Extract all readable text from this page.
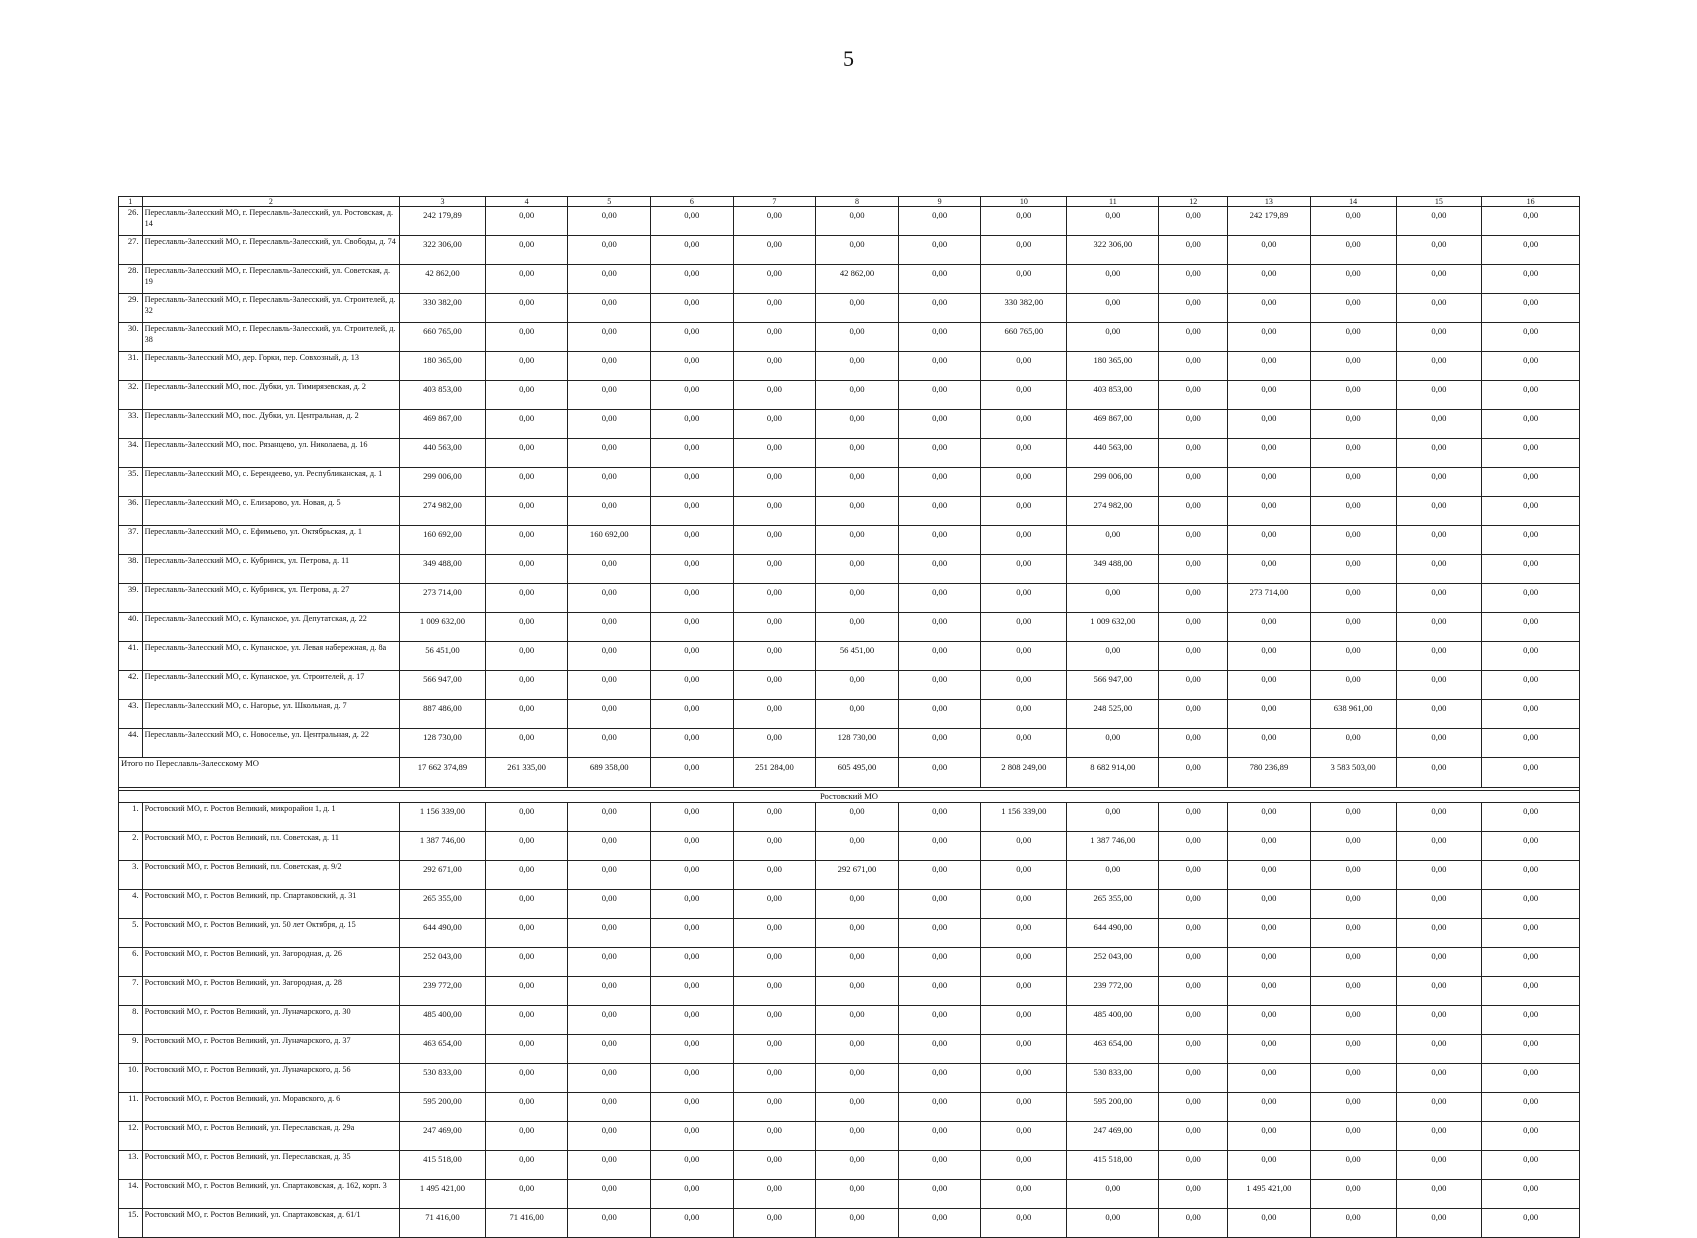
5
1	2	3	4	5	6	7	8	9	10	11	12	13	14	15	16
26.	Переславль-Залесский МО, г. Переславль-Залесский, ул. Ростовская, д. 14	242 179,89	0,00	0,00	0,00	0,00	0,00	0,00	0,00	0,00	0,00	242 179,89	0,00	0,00	0,00
27.	Переславль-Залесский МО, г. Переславль-Залесский, ул. Свободы, д. 74	322 306,00	0,00	0,00	0,00	0,00	0,00	0,00	0,00	322 306,00	0,00	0,00	0,00	0,00	0,00
28.	Переславль-Залесский МО, г. Переславль-Залесский, ул. Советская, д. 19	42 862,00	0,00	0,00	0,00	0,00	42 862,00	0,00	0,00	0,00	0,00	0,00	0,00	0,00	0,00
29.	Переславль-Залесский МО, г. Переславль-Залесский, ул. Строителей, д. 32	330 382,00	0,00	0,00	0,00	0,00	0,00	0,00	330 382,00	0,00	0,00	0,00	0,00	0,00	0,00
30.	Переславль-Залесский МО, г. Переславль-Залесский, ул. Строителей, д. 38	660 765,00	0,00	0,00	0,00	0,00	0,00	0,00	660 765,00	0,00	0,00	0,00	0,00	0,00	0,00
31.	Переславль-Залесский МО, дер. Горки, пер. Совхозный, д. 13	180 365,00	0,00	0,00	0,00	0,00	0,00	0,00	0,00	180 365,00	0,00	0,00	0,00	0,00	0,00
32.	Переславль-Залесский МО, пос. Дубки, ул. Тимирязевская, д. 2	403 853,00	0,00	0,00	0,00	0,00	0,00	0,00	0,00	403 853,00	0,00	0,00	0,00	0,00	0,00
33.	Переславль-Залесский МО, пос. Дубки, ул. Центральная, д. 2	469 867,00	0,00	0,00	0,00	0,00	0,00	0,00	0,00	469 867,00	0,00	0,00	0,00	0,00	0,00
34.	Переславль-Залесский МО, пос. Рязанцево, ул. Николаева, д. 16	440 563,00	0,00	0,00	0,00	0,00	0,00	0,00	0,00	440 563,00	0,00	0,00	0,00	0,00	0,00
35.	Переславль-Залесский МО, с. Берендеево, ул. Республиканская, д. 1	299 006,00	0,00	0,00	0,00	0,00	0,00	0,00	0,00	299 006,00	0,00	0,00	0,00	0,00	0,00
36.	Переславль-Залесский МО, с. Елизарово, ул. Новая, д. 5	274 982,00	0,00	0,00	0,00	0,00	0,00	0,00	0,00	274 982,00	0,00	0,00	0,00	0,00	0,00
37.	Переславль-Залесский МО, с. Ефимьево, ул. Октябрьская, д. 1	160 692,00	0,00	160 692,00	0,00	0,00	0,00	0,00	0,00	0,00	0,00	0,00	0,00	0,00	0,00
38.	Переславль-Залесский МО, с. Кубринск, ул. Петрова, д. 11	349 488,00	0,00	0,00	0,00	0,00	0,00	0,00	0,00	349 488,00	0,00	0,00	0,00	0,00	0,00
39.	Переславль-Залесский МО, с. Кубринск, ул. Петрова, д. 27	273 714,00	0,00	0,00	0,00	0,00	0,00	0,00	0,00	0,00	0,00	273 714,00	0,00	0,00	0,00
40.	Переславль-Залесский МО, с. Купанское, ул. Депутатская, д. 22	1 009 632,00	0,00	0,00	0,00	0,00	0,00	0,00	0,00	1 009 632,00	0,00	0,00	0,00	0,00	0,00
41.	Переславль-Залесский МО, с. Купанское, ул. Левая набережная, д. 8а	56 451,00	0,00	0,00	0,00	0,00	56 451,00	0,00	0,00	0,00	0,00	0,00	0,00	0,00	0,00
42.	Переславль-Залесский МО, с. Купанское, ул. Строителей, д. 17	566 947,00	0,00	0,00	0,00	0,00	0,00	0,00	0,00	566 947,00	0,00	0,00	0,00	0,00	0,00
43.	Переславль-Залесский МО, с. Нагорье, ул. Школьная, д. 7	887 486,00	0,00	0,00	0,00	0,00	0,00	0,00	0,00	248 525,00	0,00	0,00	638 961,00	0,00	0,00
44.	Переславль-Залесский МО, с. Новоселье, ул. Центральная, д. 22	128 730,00	0,00	0,00	0,00	0,00	128 730,00	0,00	0,00	0,00	0,00	0,00	0,00	0,00	0,00
Итого по Переславль-Залесскому МО		17 662 374,89	261 335,00	689 358,00	0,00	251 284,00	605 495,00	0,00	2 808 249,00	8 682 914,00	0,00	780 236,89	3 583 503,00	0,00	0,00

Ростовский МО															
1.	Ростовский МО, г. Ростов Великий, микрорайон 1, д. 1	1 156 339,00	0,00	0,00	0,00	0,00	0,00	0,00	1 156 339,00	0,00	0,00	0,00	0,00	0,00	0,00
2.	Ростовский МО, г. Ростов Великий, пл. Советская, д. 11	1 387 746,00	0,00	0,00	0,00	0,00	0,00	0,00	0,00	1 387 746,00	0,00	0,00	0,00	0,00	0,00
3.	Ростовский МО, г. Ростов Великий, пл. Советская, д. 9/2	292 671,00	0,00	0,00	0,00	0,00	292 671,00	0,00	0,00	0,00	0,00	0,00	0,00	0,00	0,00
4.	Ростовский МО, г. Ростов Великий, пр. Спартаковский, д. 31	265 355,00	0,00	0,00	0,00	0,00	0,00	0,00	0,00	265 355,00	0,00	0,00	0,00	0,00	0,00
5.	Ростовский МО, г. Ростов Великий, ул. 50 лет Октября, д. 15	644 490,00	0,00	0,00	0,00	0,00	0,00	0,00	0,00	644 490,00	0,00	0,00	0,00	0,00	0,00
6.	Ростовский МО, г. Ростов Великий, ул. Загородная, д. 26	252 043,00	0,00	0,00	0,00	0,00	0,00	0,00	0,00	252 043,00	0,00	0,00	0,00	0,00	0,00
7.	Ростовский МО, г. Ростов Великий, ул. Загородная, д. 28	239 772,00	0,00	0,00	0,00	0,00	0,00	0,00	0,00	239 772,00	0,00	0,00	0,00	0,00	0,00
8.	Ростовский МО, г. Ростов Великий, ул. Луначарского, д. 30	485 400,00	0,00	0,00	0,00	0,00	0,00	0,00	0,00	485 400,00	0,00	0,00	0,00	0,00	0,00
9.	Ростовский МО, г. Ростов Великий, ул. Луначарского, д. 37	463 654,00	0,00	0,00	0,00	0,00	0,00	0,00	0,00	463 654,00	0,00	0,00	0,00	0,00	0,00
10.	Ростовский МО, г. Ростов Великий, ул. Луначарского, д. 56	530 833,00	0,00	0,00	0,00	0,00	0,00	0,00	0,00	530 833,00	0,00	0,00	0,00	0,00	0,00
11.	Ростовский МО, г. Ростов Великий, ул. Моравского, д. 6	595 200,00	0,00	0,00	0,00	0,00	0,00	0,00	0,00	595 200,00	0,00	0,00	0,00	0,00	0,00
12.	Ростовский МО, г. Ростов Великий, ул. Переславская, д. 29а	247 469,00	0,00	0,00	0,00	0,00	0,00	0,00	0,00	247 469,00	0,00	0,00	0,00	0,00	0,00
13.	Ростовский МО, г. Ростов Великий, ул. Переславская, д. 35	415 518,00	0,00	0,00	0,00	0,00	0,00	0,00	0,00	415 518,00	0,00	0,00	0,00	0,00	0,00
14.	Ростовский МО, г. Ростов Великий, ул. Спартаковская, д. 162, корп. 3	1 495 421,00	0,00	0,00	0,00	0,00	0,00	0,00	0,00	0,00	0,00	1 495 421,00	0,00	0,00	0,00
15.	Ростовский МО, г. Ростов Великий, ул. Спартаковская, д. 61/1	71 416,00	71 416,00	0,00	0,00	0,00	0,00	0,00	0,00	0,00	0,00	0,00	0,00	0,00	0,00
